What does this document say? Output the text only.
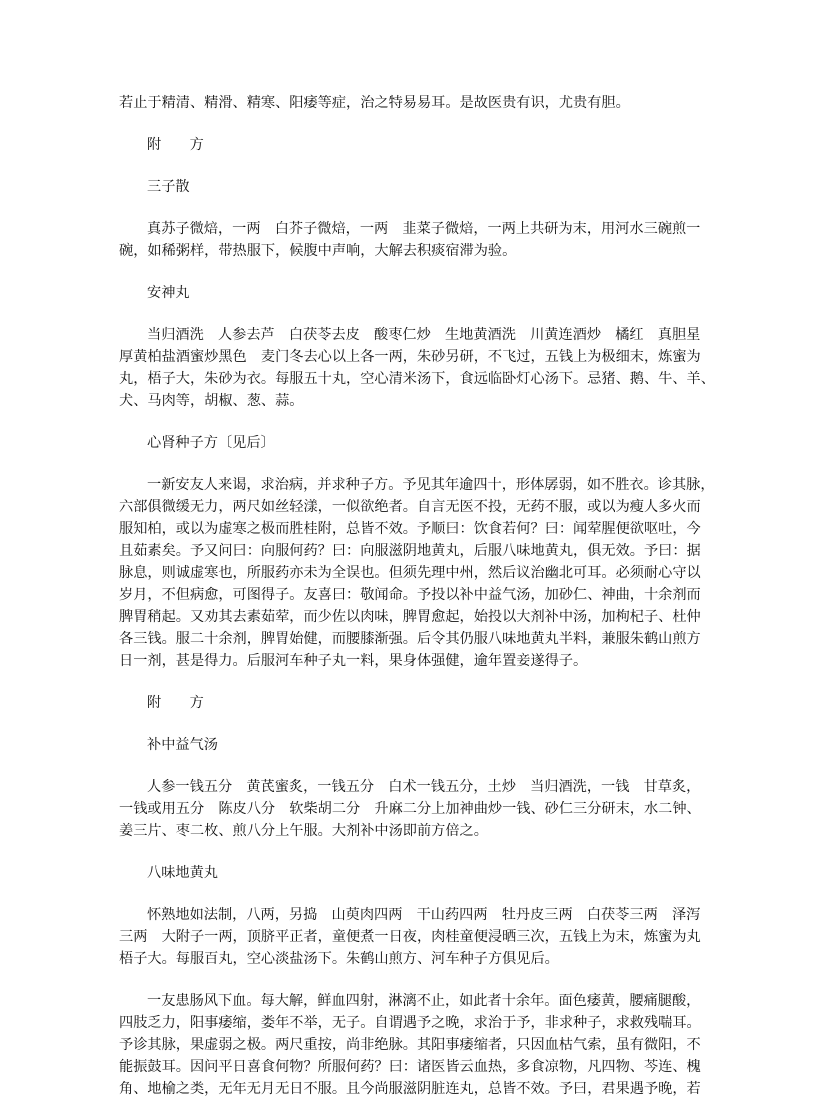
若止于精清、精滑、精寒、阳痿等症，治之特易易耳。是故医贵有识，尤贵有胆。
附　　方
三子散
真苏子微焙，一两　白芥子微焙，一两　韭菜子微焙，一两上共研为末，用河水三碗煎一
碗，如稀粥样，带热服下，候腹中声响，大解去积痰宿滞为验。
安神丸
当归酒洗　人参去芦　白茯苓去皮　酸枣仁炒　生地黄酒洗　川黄连酒炒　橘红　真胆星
厚黄柏盐酒蜜炒黑色　麦门冬去心以上各一两，朱砂另研，不飞过，五钱上为极细末，炼蜜为
丸，梧子大，朱砂为衣。每服五十丸，空心清米汤下，食远临卧灯心汤下。忌猪、鹅、牛、羊、
犬、马肉等，胡椒、葱、蒜。
心肾种子方〔见后〕
一新安友人来谒，求治病，并求种子方。予见其年逾四十，形体孱弱，如不胜衣。诊其脉，
六部俱微缓无力，两尺如丝轻漾，一似欲绝者。自言无医不投，无药不服，或以为瘦人多火而
服知柏，或以为虚寒之极而胜桂附，总皆不效。予顺曰：饮食若何？曰：闻荤腥便欲呕吐，今
且茹素矣。予又问曰：向服何药？曰：向服滋阴地黄丸，后服八味地黄丸，俱无效。予曰：据
脉息，则诚虚寒也，所服药亦未为全误也。但须先理中州，然后议治幽北可耳。必须耐心守以
岁月，不但病愈，可图得子。友喜曰：敬闻命。予投以补中益气汤，加砂仁、神曲，十余剂而
脾胃稍起。又劝其去素茹荤，而少佐以肉味，脾胃愈起，始投以大剂补中汤，加枸杞子、杜仲
各三钱。服二十余剂，脾胃始健，而腰膝渐强。后令其仍服八味地黄丸半料，兼服朱鹤山煎方
日一剂，甚是得力。后服河车种子丸一料，果身体强健，逾年置妾遂得子。
附　　方
补中益气汤
人参一钱五分　黄芪蜜炙，一钱五分　白术一钱五分，土炒　当归酒洗，一钱　甘草炙，
一钱或用五分　陈皮八分　软柴胡二分　升麻二分上加神曲炒一钱、砂仁三分研末，水二钟、
姜三片、枣二枚、煎八分上午服。大剂补中汤即前方倍之。
八味地黄丸
怀熟地如法制，八两，另捣　山萸肉四两　干山药四两　牡丹皮三两　白茯苓三两　泽泻
三两　大附子一两，顶脐平正者，童便煮一日夜，肉桂童便浸晒三次，五钱上为末，炼蜜为丸
梧子大。每服百丸，空心淡盐汤下。朱鹤山煎方、河车种子方俱见后。
一友患肠风下血。每大解，鲜血四射，淋漓不止，如此者十余年。面色痿黄，腰痛腿酸，
四肢乏力，阳事痿缩，娄年不举，无子。自谓遇予之晚，求治于予，非求种子，求救残喘耳。
予诊其脉，果虚弱之极。两尺重按，尚非绝脉。其阳事痿缩者，只因血枯气索，虽有微阳，不
能振鼓耳。因问平日喜食何物？所服何药？曰：诸医皆云血热，多食凉物，凡四物、芩连、槐
角、地榆之类，无年无月无日不服。且今尚服滋阴脏连丸，总皆不效。予曰，君果遇予晚，若
